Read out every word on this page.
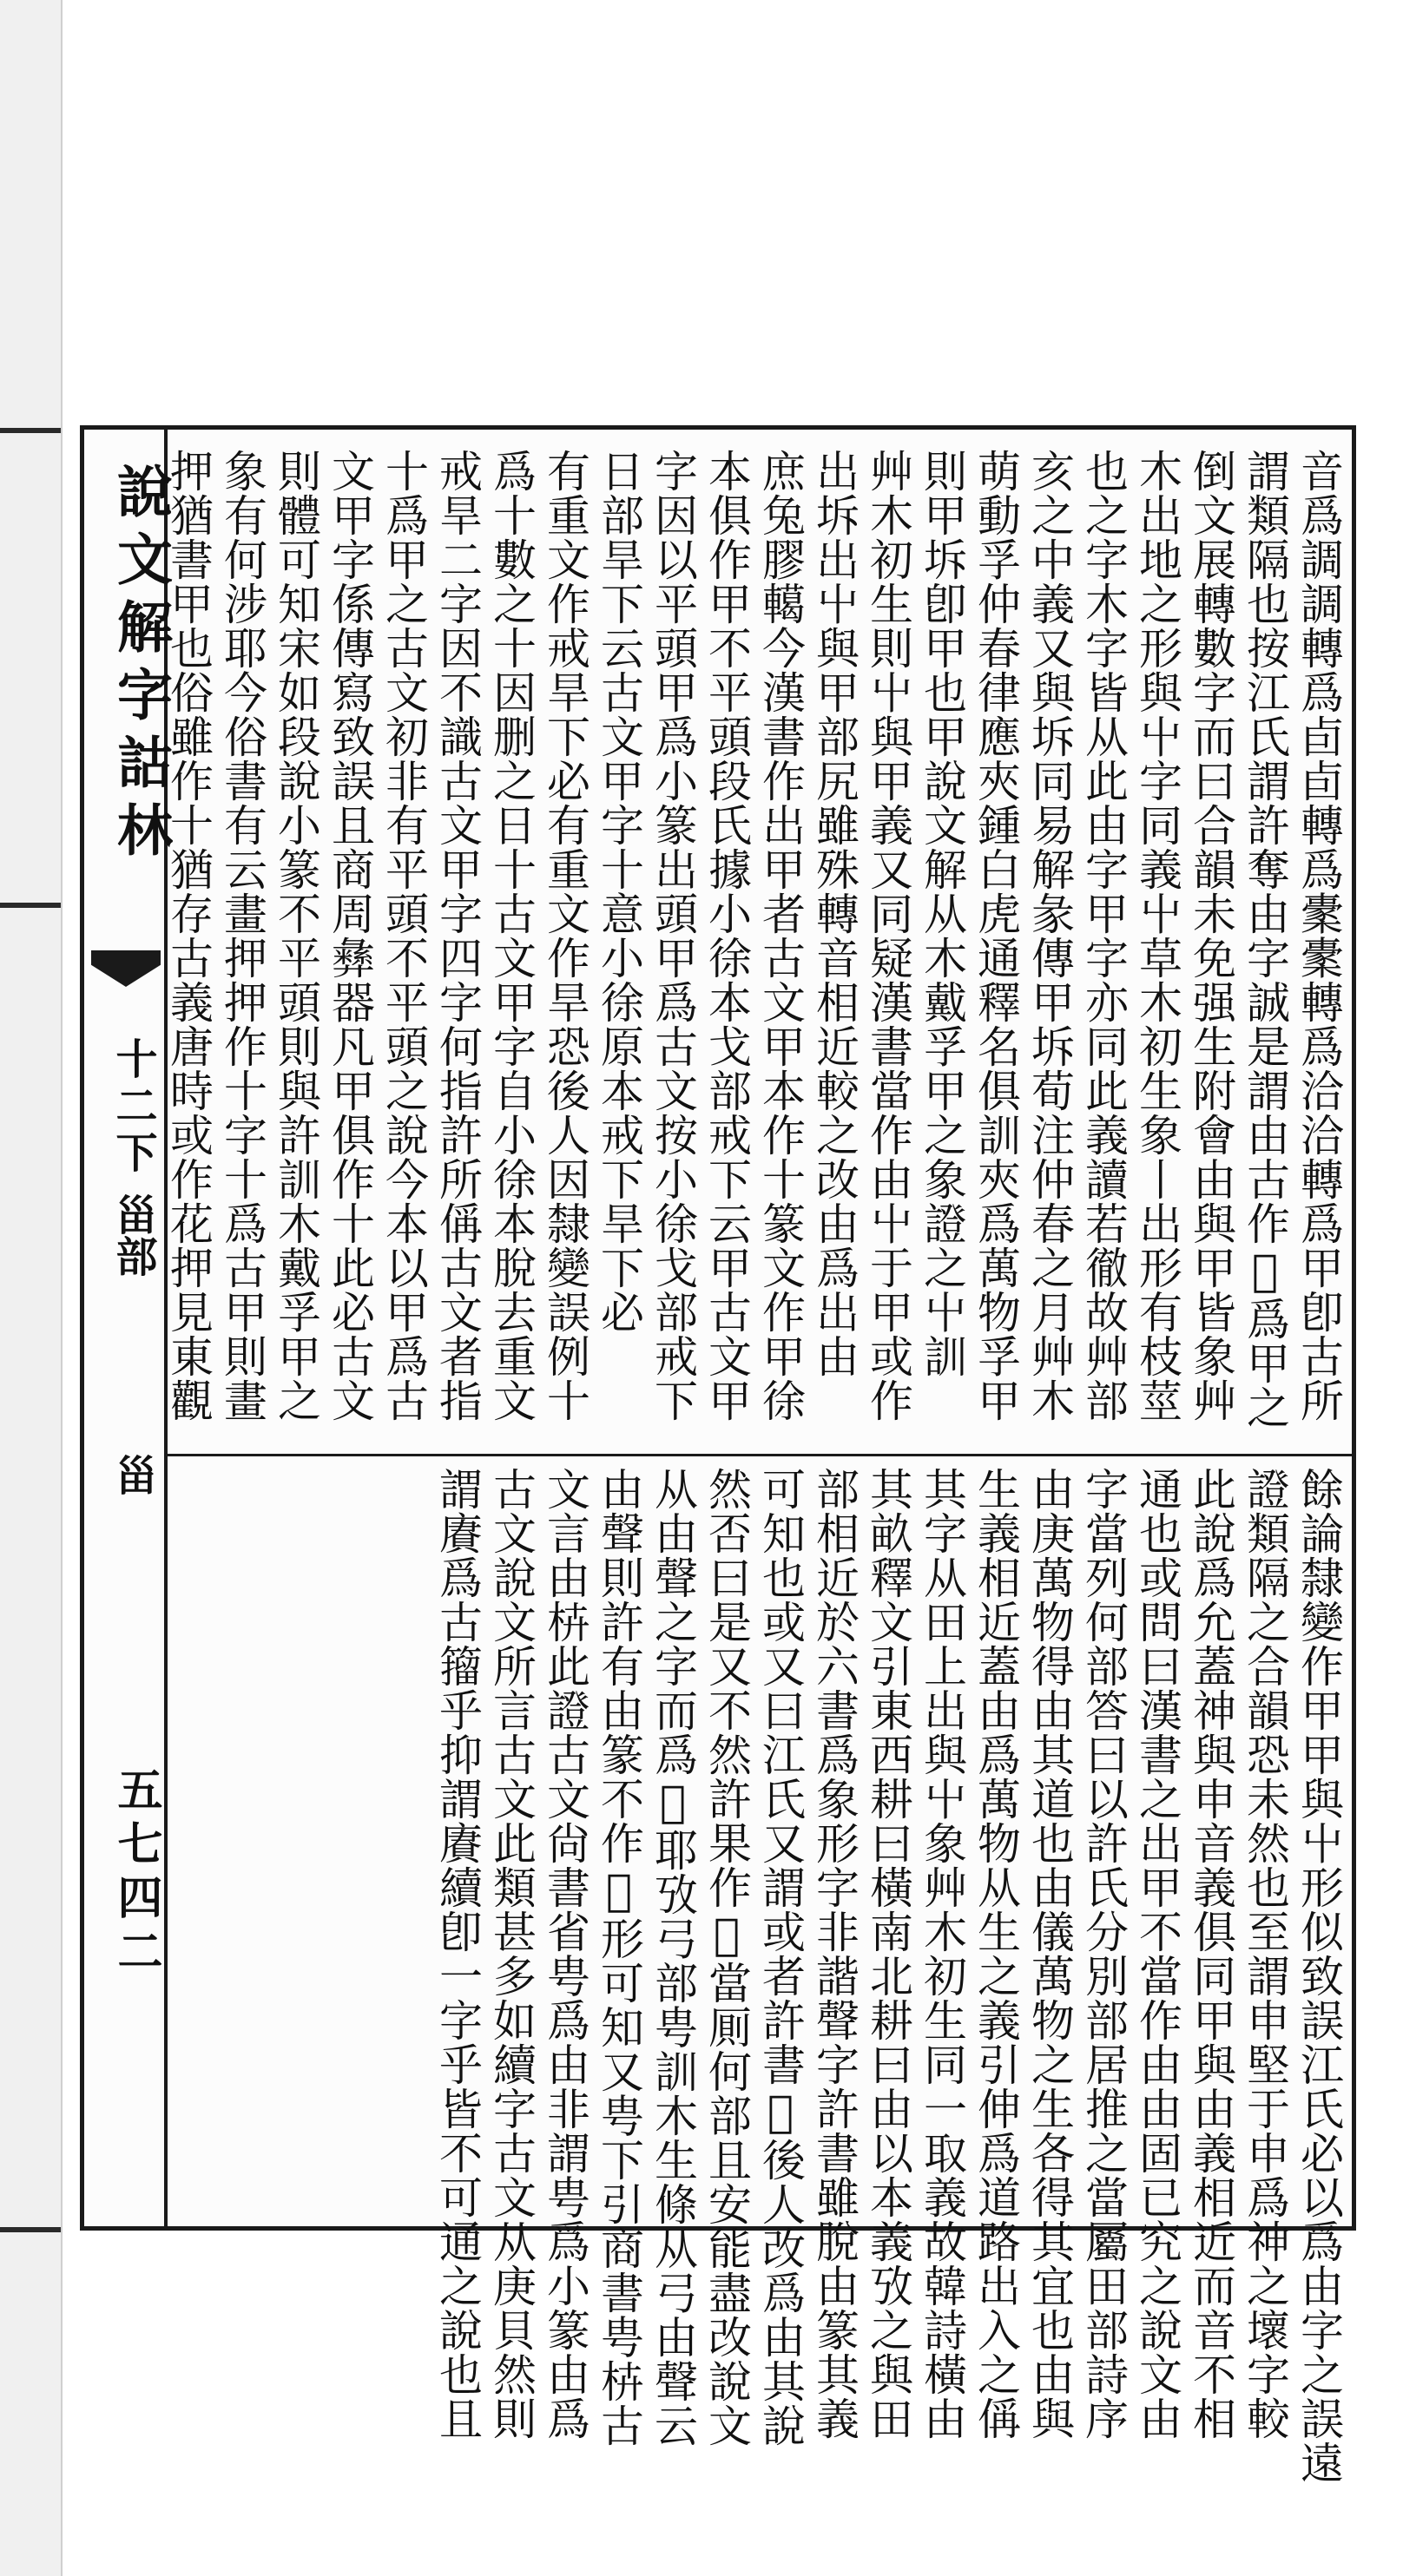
說文解字詁林
十二下
甾部
甾
五七四二
音爲調調轉爲卣卣轉爲㯻㯻轉爲洽洽轉爲甲卽古所
謂類隔也按江氏謂許奪由字誠是謂由古作𠀉爲甲之
倒文展轉數字而曰合韻未免强生附會由與甲皆象艸
木出地之形與屮字同義屮草木初生象丨出形有枝莖
也之字木字皆从此由字甲字亦同此義讀若徹故艸部
亥之中義又與坼同易解彖傳甲坼荀注仲春之月艸木
萌動孚仲春律應夾鍾白虎通釋名俱訓夾爲萬物孚甲
則甲坼卽甲也甲說文解从木戴孚甲之象證之屮訓
艸木初生則屮與甲義又同疑漢書當作由屮于甲或作
出坼出屮與甲部尻雖殊轉音相近較之改由爲出由
庶兔膠轕今漢書作出甲者古文甲本作十篆文作甲徐
本俱作甲不平頭段氏據小徐本戈部戒下云甲古文甲
字因以平頭甲爲小篆出頭甲爲古文按小徐戈部戒下
日部旱下云古文甲字十意小徐原本戒下旱下必
有重文作戒旱下必有重文作旱恐後人因隸變誤例十
爲十數之十因删之日十古文甲字自小徐本脫去重文
戒旱二字因不識古文甲字四字何指許所偁古文者指
十爲甲之古文初非有平頭不平頭之說今本以甲爲古
文甲字係傳寫致誤且商周彝器凡甲俱作十此必古文
則體可知宋如段說小篆不平頭則與許訓木戴孚甲之
象有何涉耶今俗書有云畫押押作十字十爲古甲則畫
押猶書甲也俗雖作十猶存古義唐時或作花押見東觀
餘論隸變作甲甲與屮形似致誤江氏必以爲由字之誤遠
證類隔之合韻恐未然也至謂申堅于申爲神之壞字較
此說爲允蓋神與申音義俱同甲與由義相近而音不相
通也或問曰漢書之出甲不當作由由固已究之說文由
字當列何部答曰以許氏分別部居推之當屬田部詩序
由庚萬物得由其道也由儀萬物之生各得其宜也由與
生義相近蓋由爲萬物从生之義引伸爲道路出入之偁
其字从田上出與屮象艸木初生同一取義故韓詩橫由
其畝釋文引東西耕曰橫南北耕曰由以本義攷之與田
部相近於六書爲象形字非諧聲字許書雖脫由篆其義
可知也或又曰江氏又謂或者許書𠀉後人改爲由其說
然否曰是又不然許果作𠀉當厠何部且安能盡改說文
从由聲之字而爲𠀉耶攷弓部甹訓木生條从弓由聲云
由聲則許有由篆不作𠀉形可知又甹下引商書甹枿古
文言由枿此證古文尙書省甹爲由非謂甹爲小篆由爲
古文說文所言古文此類甚多如續字古文从庚貝然則
謂賡爲古籀乎抑謂賡續卽一字乎皆不可通之說也且
